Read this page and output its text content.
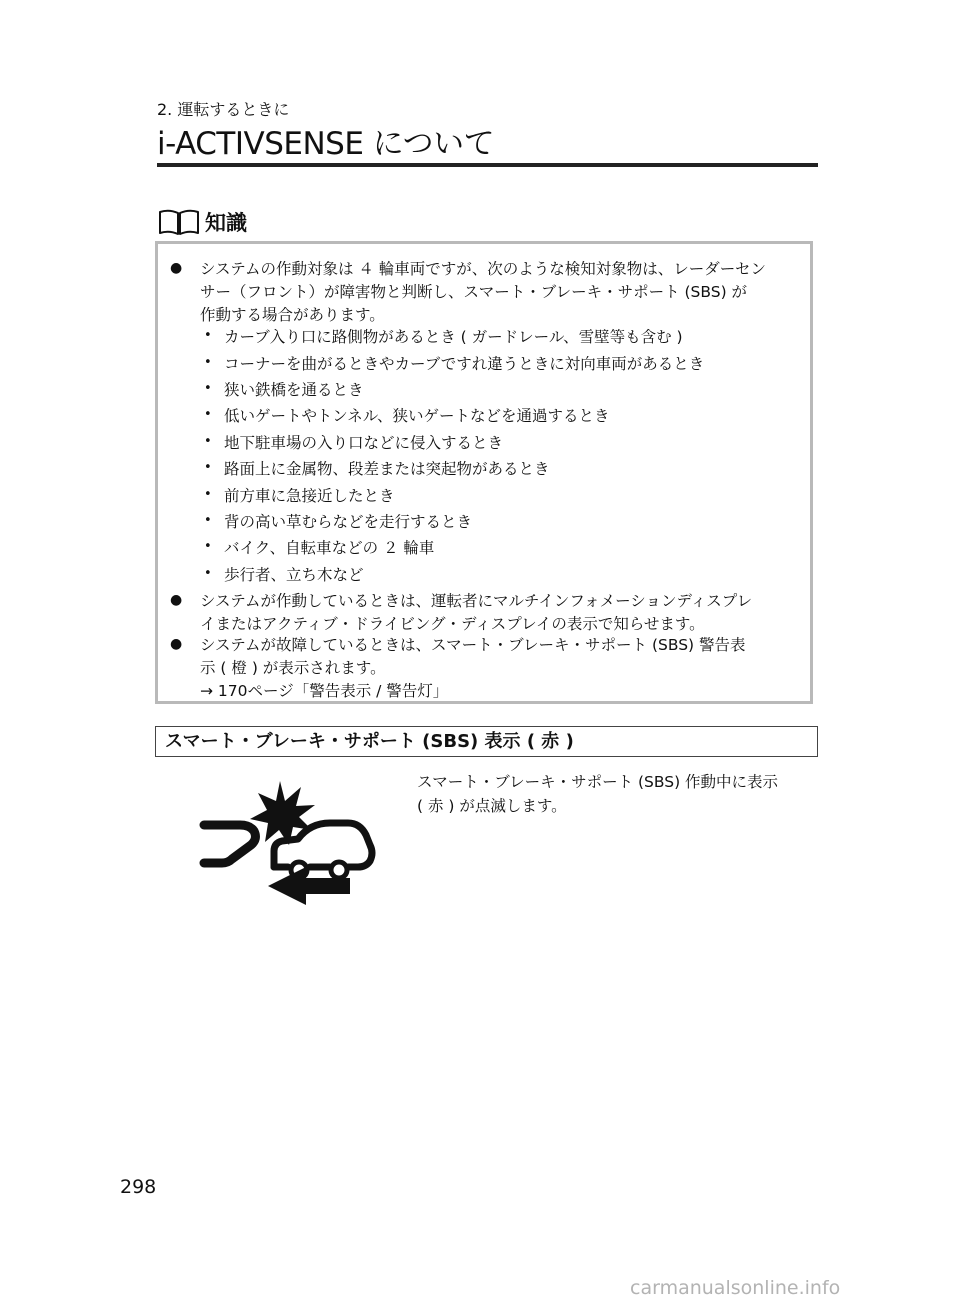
2. 運転するときに
i-ACTIVSENSE について
知識
● システムの作動対象は ４ 輪車両ですが、次のような検知対象物は、レーダーセン
サー（フロント）が障害物と判断し、スマート・ブレーキ・サポート (SBS) が
作動する場合があります。
• カーブ入り口に路側物があるとき ( ガードレール、雪壁等も含む )
• コーナーを曲がるときやカーブですれ違うときに対向車両があるとき
• 狭い鉄橋を通るとき
• 低いゲートやトンネル、狭いゲートなどを通過するとき
• 地下駐車場の入り口などに侵入するとき
• 路面上に金属物、段差または突起物があるとき
• 前方車に急接近したとき
• 背の高い草むらなどを走行するとき
• バイク、自転車などの ２ 輪車
• 歩行者、立ち木など
● システムが作動しているときは、運転者にマルチインフォメーションディスプレ
イまたはアクティブ・ドライビング・ディスプレイの表示で知らせます。
● システムが故障しているときは、スマート・ブレーキ・サポート (SBS) 警告表
示 ( 橙 ) が表示されます。
→ 170ページ「警告表示 / 警告灯」
スマート・ブレーキ・サポート (SBS) 表示 ( 赤 )
スマート・ブレーキ・サポート (SBS) 作動中に表示
( 赤 ) が点滅します。
298
carmanualsonline.info
